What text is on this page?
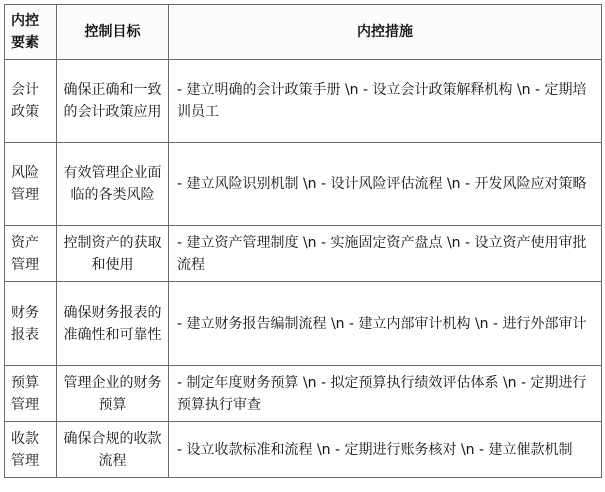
内控要素	控制目标	内控措施
会计政策	确保正确和一致的会计政策应用	- 建立明确的会计政策手册 \n - 设立会计政策解释机构 \n - 定期培训员工
风险管理	有效管理企业面临的各类风险	- 建立风险识别机制 \n - 设计风险评估流程 \n - 开发风险应对策略
资产管理	控制资产的获取和使用	- 建立资产管理制度 \n - 实施固定资产盘点 \n - 设立资产使用审批流程
财务报表	确保财务报表的准确性和可靠性	- 建立财务报告编制流程 \n - 建立内部审计机构 \n - 进行外部审计
预算管理	管理企业的财务预算	- 制定年度财务预算 \n - 拟定预算执行绩效评估体系 \n - 定期进行预算执行审查
收款管理	确保合规的收款流程	- 设立收款标准和流程 \n - 定期进行账务核对 \n - 建立催款机制
